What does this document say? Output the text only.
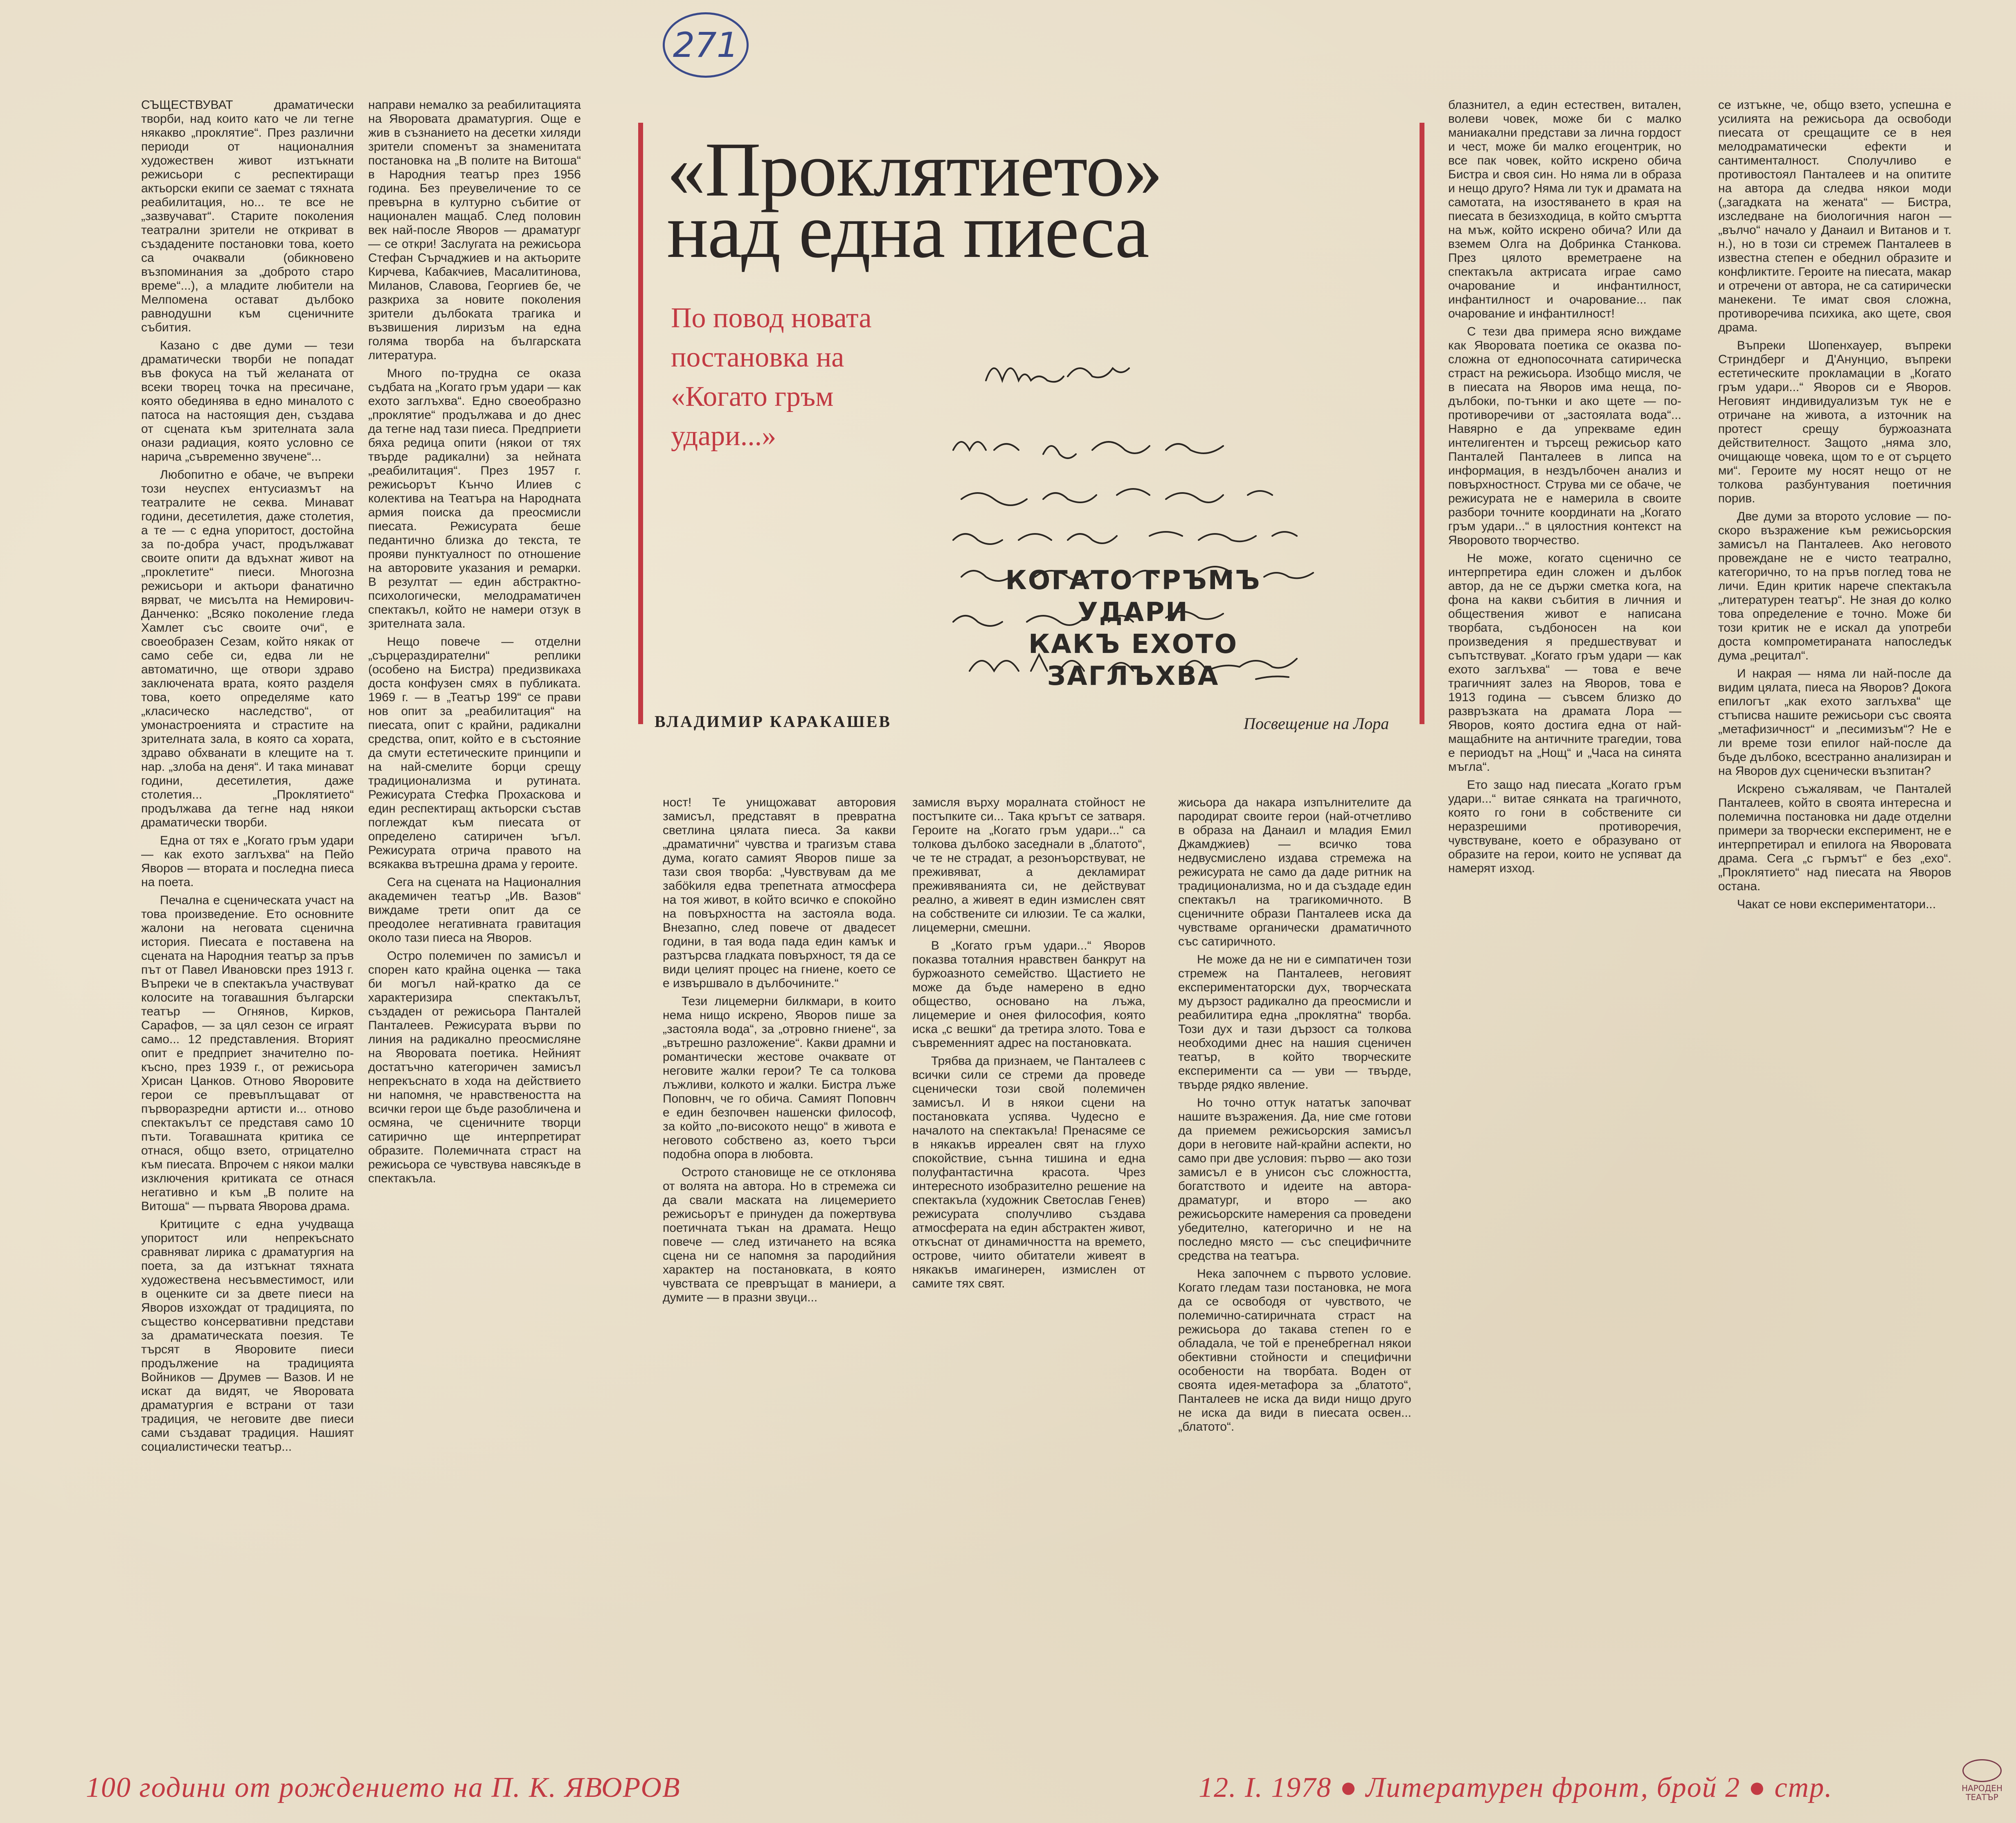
271

СЪЩЕСТВУВАТ драматически творби, над които като че ли тегне някакво „проклятие“. През различни периоди от националния художествен живот изтъкнати режисьори с респектиращи актьорски екипи се заемат с тяхната реабилитация, но... те все не „зазвучават“. Старите поколения театрални зрители не откриват в създадените постановки това, което са очаквали (обикновено възпоминания за „доброто старо време“...), а младите любители на Мелпомена остават дълбоко равнодушни към сценичните събития.

Казано с две думи — тези драматически творби не попадат във фокуса на тъй желаната от всеки творец точка на пресичане, която обединява в едно миналото с патоса на настоящия ден, създава от сцената към зрителната зала онази радиация, която условно се нарича „съвременно звучене“...

Любопитно е обаче, че въпреки този неуспех ентусиазмът на театралите не секва. Минават години, десетилетия, даже столетия, а те — с една упоритост, достойна за по-добра участ, продължават своите опити да вдъхнат живот на „проклетите“ пиеси. Многозна режисьори и актьори фанатично вярват, че мисълта на Немирович-Данченко: „Всяко поколение гледа Хамлет със своите очи“, е своеобразен Сезам, който някак от само себе си, едва ли не автоматично, ще отвори здраво заключената врата, която разделя това, което определяме като „класическо наследство“, от умонастроенията и страстите на зрителната зала, в която са хората, здраво обхванати в клещите на т. нар. „злоба на деня“. И така минават години, десетилетия, даже столетия... „Проклятието“ продължава да тегне над някои драматически творби.

Една от тях е „Когато гръм удари — как ехото заглъхва“ на Пейо Яворов — втората и последна пиеса на поета.

Печална е сценическата участ на това произведение. Ето основните жалони на неговата сценична история. Пиесата е поставена на сцената на Народния театър за пръв път от Павел Ивановски през 1913 г. Въпреки че в спектакъла участвуват колосите на тогавашния български театър — Огнянов, Кирков, Сарафов, — за цял сезон се играят само... 12 представления. Вторият опит е предприет значително по-късно, през 1939 г., от режисьора Хрисан Цанков. Отново Яворовите герои се превъплъщават от първоразредни артисти и... отново спектакълът се представя само 10 пъти. Тогавашната критика се отнася, общо взето, отрицателно към пиесата. Впрочем с някои малки изключения критиката се отнася негативно и към „В полите на Витоша“ — първата Яворова драма.

Критиците с една учудваща упоритост или непрекъснато сравняват лирика с драматургия на поета, за да изтъкнат тяхната художествена несъвместимост, или в оценките си за двете пиеси на Яворов изхождат от традицията, по същество консервативни представи за драматическата поезия. Те търсят в Яворовите пиеси продължение на традицията Войников — Друмев — Вазов. И не искат да видят, че Яворовата драматургия е встрани от тази традиция, че неговите две пиеси сами създават традиция. Нашият социалистически театър...

направи немалко за реабилитацията на Яворовата драматургия. Още е жив в съзнанието на десетки хиляди зрители споменът за знаменитата постановка на „В полите на Витоша“ в Народния театър през 1956 година. Без преувеличение то се превърна в културно събитие от национален мащаб. След половин век най-после Яворов — драматург — се откри! Заслугата на режисьора Стефан Сърчаджиев и на актьорите Кирчева, Кабакчиев, Масалитинова, Миланов, Славова, Георгиев бе, че разкриха за новите поколения зрители дълбоката трагика и възвишения лиризъм на една голяма творба на българската литература.

Много по-трудна се оказа съдбата на „Когато гръм удари — как ехото заглъхва“. Едно своеобразно „проклятие“ продължава и до днес да тегне над тази пиеса. Предприети бяха редица опити (някои от тях твърде радикални) за нейната „реабилитация“. През 1957 г. режисьорът Кънчо Илиев с колектива на Театъра на Народната армия поиска да преосмисли пиесата. Режисурата беше педантично близка до текста, те прояви пунктуалност по отношение на авторовите указания и ремарки. В резултат — един абстрактно-психологически, мелодраматичен спектакъл, който не намери отзук в зрителната зала.

Нещо повече — отделни „сърцераздирателни“ реплики (особено на Бистра) предизвикаха доста конфузен смях в публиката. 1969 г. — в „Театър 199“ се прави нов опит за „реабилитация“ на пиесата, опит с крайни, радикални средства, опит, който е в състояние да смути естетическите принципи и на най-смелите борци срещу традиционализма и рутината. Режисурата Стефка Прохаскова и един респектиращ актьорски състав поглеждат към пиесата от определено сатиричен ъгъл. Режисурата отрича правото на всякаква вътрешна драма у героите.

Сега на сцената на Националния академичен театър „Ив. Вазов“ виждаме трети опит да се преодолее негативната гравитация около тази пиеса на Яворов.

Остро полемичен по замисъл и спорен като крайна оценка — така би могъл най-кратко да се характеризира спектакълът, създаден от режисьора Панталей Панталеев. Режисурата върви по линия на радикално преосмисляне на Яворовата поетика. Нейният достатъчно категоричен замисъл непрекъснато в хода на действието ни напомня, че нравствеността на всички герои ще бъде разобличена и осмяна, че сценичните творци сатирично ще интерпретират образите. Полемичната страст на режисьора се чувствува навсякъде в спектакъла.

«Проклятието»
над една пиеса
По повод новата постановка на «Когато гръм удари...»
КОГАТО ГРЪМЪ УДАРИ
КАКЪ ЕХОТО ЗАГЛЪХВА
ВЛАДИМИР КАРАКАШЕВ	Посвещение на Лора

ност! Те унищожават авторовия замисъл, представят в превратна светлина цялата пиеса. За какви „драматични“ чувства и трагизъм става дума, когато самият Яворов пише за тази своя творба: „Чувствувам да ме забökиля едва трепетната атмосфера на тоя живот, в който всичко е спокойно на повърхността на застояла вода. Внезапно, след повече от двадесет години, в тая вода пада един камък и разтърсва гладката повърхност, тя да се види целият процес на гниене, което се е извършвало в дълбочините.“

Тези лицемерни билкмари, в които нема нищо искрено, Яворов пише за „застояла вода“, за „отровно гниене“, за „вътрешно разложение“. Какви драмни и романтически жестове очаквате от неговите жалки герои? Те са толкова лъжливи, колкото и жалки. Бистра лъже Поповнч, че го обича. Самият Поповнч е един безпочвен нашенски философ, за който „по-високото нещо“ в живота е неговото собствено аз, което търси подобна опора в любовта.

Острото становище не се отклонява от волята на автора. Но в стремежа си да свали маската на лицемерието режисьорът е принуден да пожертвува поетичната тъкан на драмата. Нещо повече — след изтичането на всяка сцена ни се напомня за пародийния характер на постановката, в която чувствата се превръщат в маниери, а думите — в празни звуци...

замисля върху моралната стойност не постъпките си... Така кръгът се затваря. Героите на „Когато гръм удари...“ са толкова дълбоко заседнали в „блатото“, че те не страдат, а резонъорствуват, не преживяват, а декламират преживяванията си, не действуват реално, а живеят в един измислен свят на собствените си илюзии. Те са жалки, лицемерни, смешни.

В „Когато гръм удари...“ Яворов показва тоталния нравствен банкрут на буржоазното семейство. Щастието не може да бъде намерено в едно общество, основано на лъжа, лицемерие и онея философия, която иска „с вешки“ да третира злото. Това е съвременният адрес на постановката.

Трябва да признаем, че Панталеев с всички сили се стреми да проведе сценически този свой полемичен замисъл. И в някои сцени на постановката успява. Чудесно е началото на спектакъла! Пренасяме се в някакъв ирреален свят на глухо спокойствие, сънна тишина и една полуфантастична красота. Чрез интересното изобразително решение на спектакъла (художник Светослав Генев) режисурата сполучливо създава атмосферата на един абстрактен живот, откъснат от динамичността на времето, острове, чиито обитатели живеят в някакъв имагинерен, измислен от самите тях свят.

жисьора да накара изпълнителите да пародират своите герои (най-отчетливо в образа на Данаил и младия Емил Джамджиев) — всичко това недвусмислено издава стремежа на режисурата не само да даде ритник на традиционализма, но и да създаде един спектакъл на трагикомичното. В сценичните образи Панталеев иска да чувстваме органически драматичното със сатиричното.

Не може да не ни е симпатичен този стремеж на Панталеев, неговият експериментаторски дух, творческата му дързост радикално да преосмисли и реабилитира една „проклятна“ творба. Този дух и тази дързост са толкова необходими днес на нашия сценичен театър, в който творческите експерименти са — уви — твърде, твърде рядко явление.

Но точно оттук нататък започват нашите възражения. Да, ние сме готови да приемем режисьорския замисъл дори в неговите най-крайни аспекти, но само при две условия: първо — ако този замисъл е в унисон със сложността, богатството и идеите на автора-драматург, и второ — ако режисьорските намерения са проведени убедително, категорично и не на последно място — със специфичните средства на театъра.

Нека започнем с първото условие. Когато гледам тази постановка, не мога да се освободя от чувството, че полемично-сатиричната страст на режисьора до такава степен го е обладала, че той е пренебрегнал някои обективни стойности и специфични особености на творбата. Воден от своята идея-метафора за „блатото“, Панталеев не иска да види нищо друго не иска да види в пиесата освен... „блатото“.

блазнител, а един естествен, витален, волеви човек, може би с малко маниакални представи за лична гордост и чест, може би малко егоцентрик, но все пак човек, който искрено обича Бистра и своя син. Но няма ли в образа и нещо друго? Няма ли тук и драмата на самотата, на изостяването в края на пиесата в безизходица, в който смъртта на мъж, който искрено обича? Или да вземем Олга на Добринка Станкова. През цялото времетраене на спектакъла актрисата играе само очарование и инфантилност, инфантилност и очарование... пак очарование и инфантилност!

С тези два примера ясно виждаме как Яворовата поетика се оказва по-сложна от еднопосочната сатирическа страст на режисьора. Изобщо мисля, че в пиесата на Яворов има неща, по-дълбоки, по-тънки и ако щете — по-противоречиви от „застоялата вода“... Навярно е да упрекваме един интелигентен и търсещ режисьор като Панталей Панталеев в липса на информация, в нездълбочен анализ и повърхностност. Струва ми се обаче, че режисурата не е намерила в своите разбори точните координати на „Когато гръм удари...“ в цялостния контекст на Яворовото творчество.

Не може, когато сценично се интерпретира един сложен и дълбок автор, да не се държи сметка кога, на фона на какви събития в личния и обществения живот е написана творбата, съдбоносен на кои произведения я предшествуват и съпътствуват. „Когато гръм удари — как ехото заглъхва“ — това е вече трагичният залез на Яворов, това е 1913 година — съвсем близко до развръзката на драмата Лора — Яворов, която достига една от най-мащабните на античните трагедии, това е периодът на „Нощ“ и „Часа на синята мъгла“.

Ето защо над пиесата „Когато гръм удари...“ витае сянката на трагичното, която го гони в собствените си неразрешими противоречия, чувствуване, което е образувано от образите на герои, които не успяват да намерят изход.

се изтъкне, че, общо взето, успешна е усилията на режисьора да освободи пиесата от срещащите се в нея мелодраматически ефекти и сантименталност. Сполучливо е противостоял Панталеев и на опитите на автора да следва някои моди („загадката на жената“ — Бистра, изследване на биологичния нагон — „вълчо“ начало у Данаил и Витанов и т. н.), но в този си стремеж Панталеев в известна степен е обеднил образите и конфликтите. Героите на пиесата, макар и отречени от автора, не са сатирически манекени. Те имат своя сложна, противоречива психика, ако щете, своя драма.

Въпреки Шопенхауер, въпреки Стриндберг и Д'Анунцио, въпреки естетическите прокламации в „Когато гръм удари...“ Яворов си е Яворов. Неговият индивидуализъм тук не е отричане на живота, а източник на протест срещу буржоазната действителност. Защото „няма зло, очищающе човека, щом то е от сърцето ми“. Героите му носят нещо от не толкова разбунтувания поетичния порив.

Две думи за второто условие — по-скоро възражение към режисьорския замисъл на Панталеев. Ако неговото провеждане не е чисто театрално, категорично, то на пръв поглед това не личи. Един критик нарече спектакъла „литературен театър“. Не зная до колко това определение е точно. Може би този критик не е искал да употреби доста компрометираната напоследък дума „рецитал“.

И накрая — няма ли най-после да видим цялата, пиеса на Яворов? Докога епилогът „как ехото заглъхва“ ще стъписва нашите режисьори със своята „метафизичност“ и „песимизъм“? Не е ли време този епилог най-после да бъде дълбоко, всестранно анализиран и на Яворов дух сценически възпитан?

Искрено съжалявам, че Панталей Панталеев, който в своята интересна и полемична постановка ни даде отделни примери за творчески експеримент, не е интерпретирал и епилога на Яворовата драма. Сега „с гърмът“ е без „ехо“. „Проклятието“ над пиесата на Яворов остана.

Чакат се нови експериментатори...

100 години от рождението на П. К. ЯВОРОВ	12. I. 1978 ● Литературен фронт, брой 2 ● стр.	НАРОДЕН ТЕАТЪР
